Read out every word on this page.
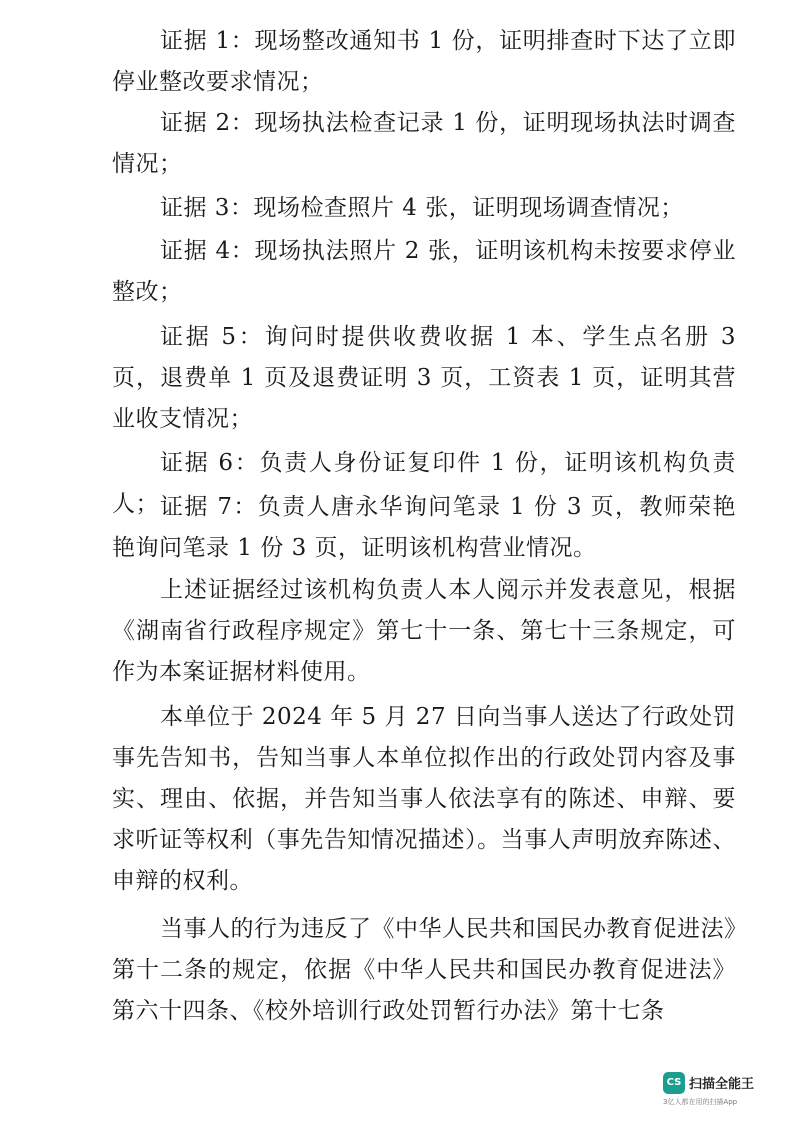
证据 1：现场整改通知书 1 份，证明排查时下达了立即停业整改要求情况；

证据 2：现场执法检查记录 1 份，证明现场执法时调查情况；

证据 3：现场检查照片 4 张，证明现场调查情况；

证据 4：现场执法照片 2 张，证明该机构未按要求停业整改；

证据 5：询问时提供收费收据 1 本、学生点名册 3 页，退费单 1 页及退费证明 3 页，工资表 1 页，证明其营业收支情况；

证据 6：负责人身份证复印件 1 份，证明该机构负责人； 证据 7：负责人唐永华询问笔录 1 份 3 页，教师荣艳艳询问笔录 1 份 3 页，证明该机构营业情况。

上述证据经过该机构负责人本人阅示并发表意见，根据《湖南省行政程序规定》第七十一条、第七十三条规定，可作为本案证据材料使用。

本单位于 2024 年 5 月 27 日向当事人送达了行政处罚事先告知书，告知当事人本单位拟作出的行政处罚内容及事实、理由、依据，并告知当事人依法享有的陈述、申辩、要求听证等权利（事先告知情况描述）。当事人声明放弃陈述、申辩的权利。

当事人的行为违反了《中华人民共和国民办教育促进法》第十二条的规定，依据《中华人民共和国民办教育促进法》第六十四条、《校外培训行政处罚暂行办法》第十七条

CS 扫描全能王
3亿人都在用的扫描App
